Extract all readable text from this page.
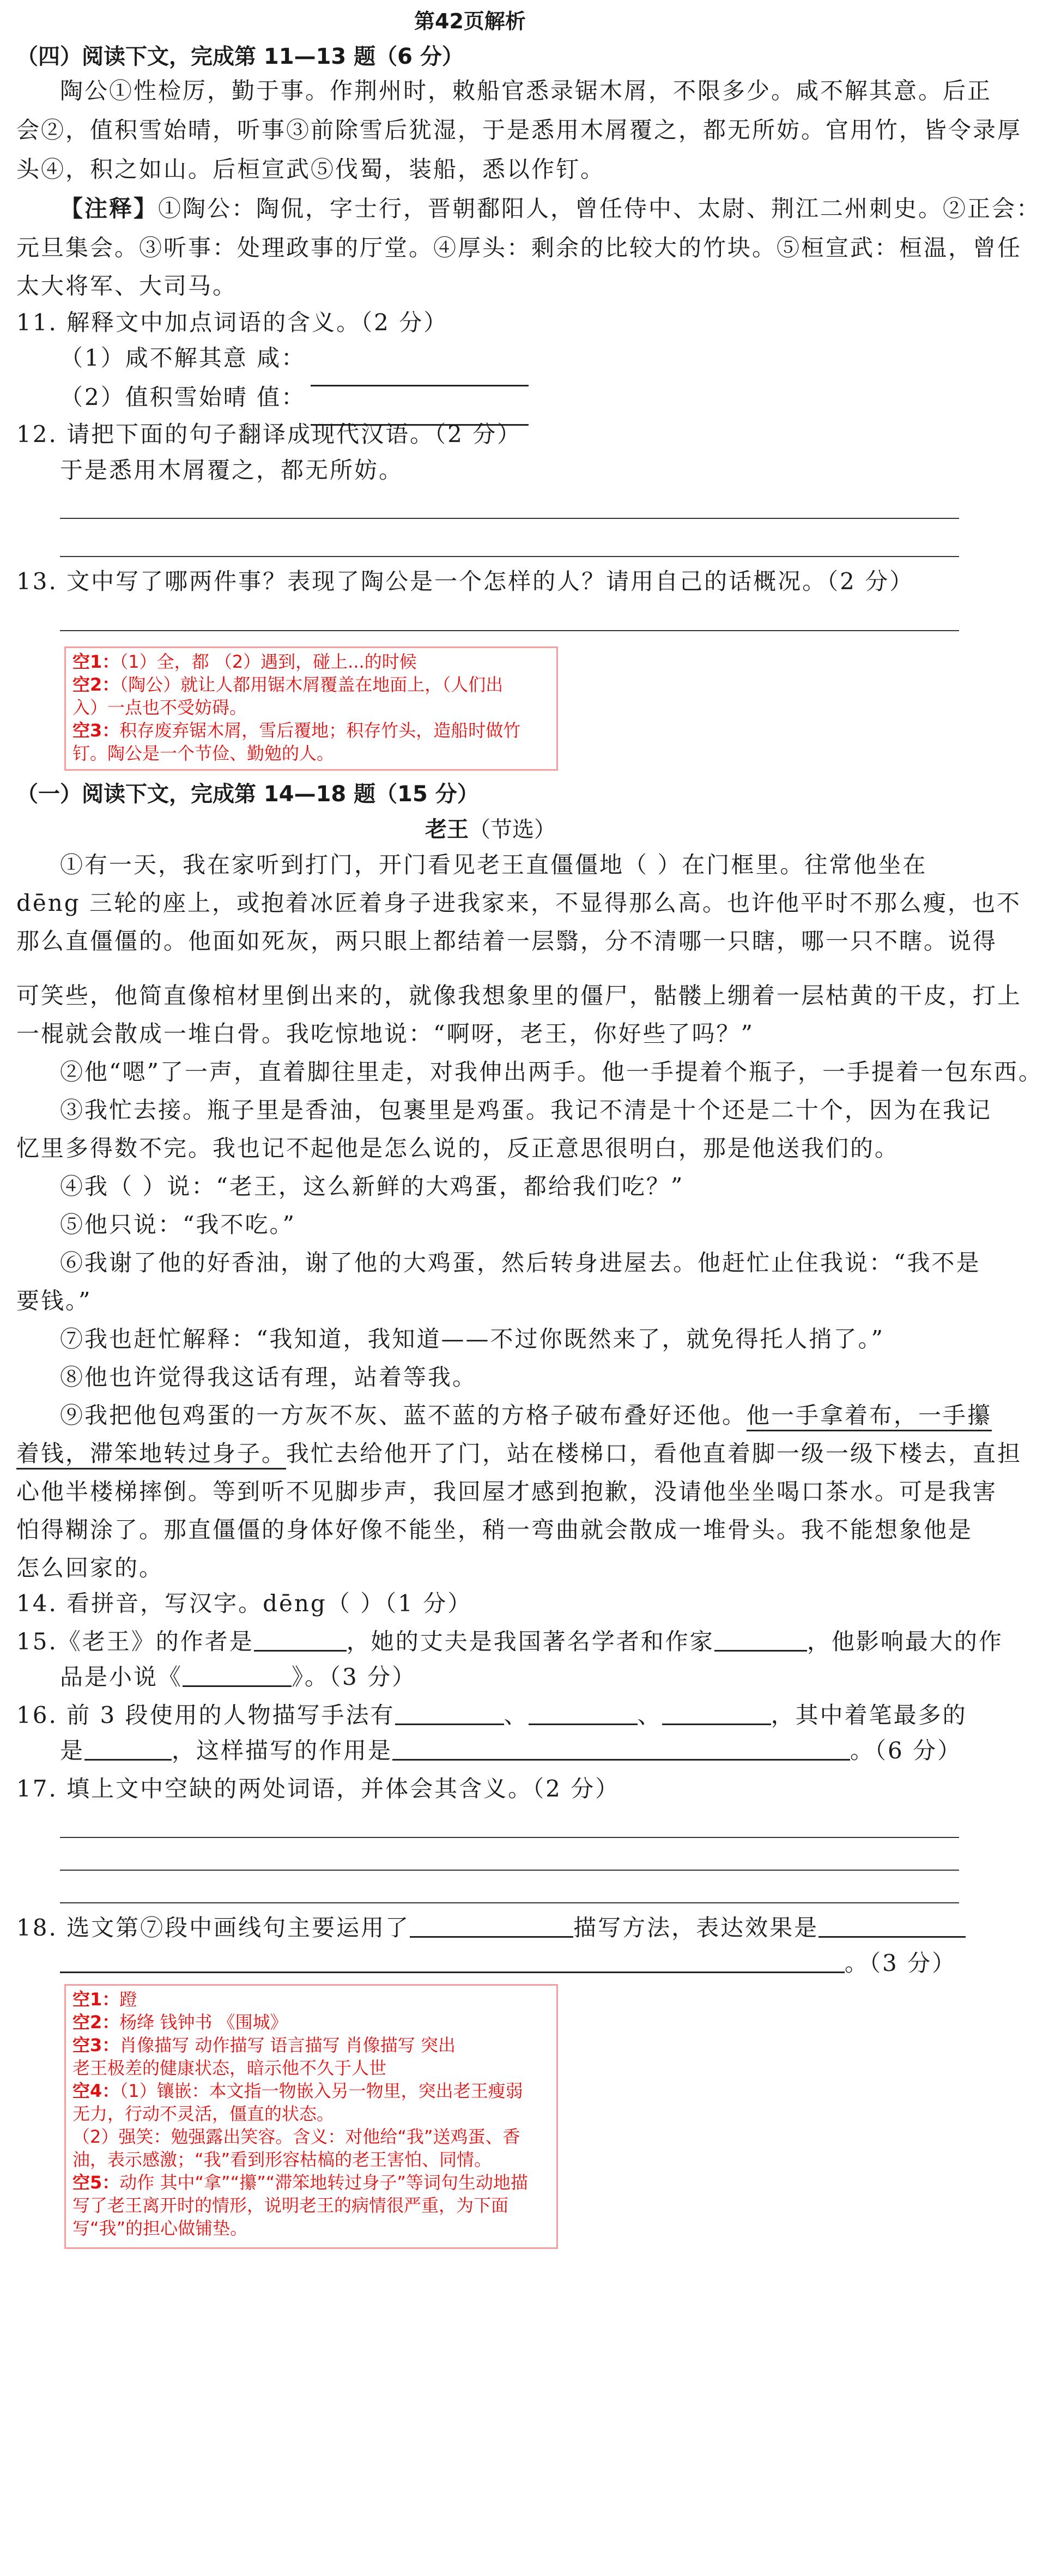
第42页解析
（四）阅读下文，完成第 11—13 题（6 分）
陶公①性检厉，勤于事。作荆州时，敕船官悉录锯木屑，不限多少。咸不解其意。后正
会②，值积雪始晴，听事③前除雪后犹湿，于是悉用木屑覆之，都无所妨。官用竹，皆令录厚
头④，积之如山。后桓宣武⑤伐蜀，装船，悉以作钉。
【注释】①陶公：陶侃，字士行，晋朝鄱阳人，曾任侍中、太尉、荆江二州刺史。②正会：
元旦集会。③听事：处理政事的厅堂。④厚头：剩余的比较大的竹块。⑤桓宣武：桓温，曾任
太大将军、大司马。
11. 解释文中加点词语的含义。（2 分）
（1）咸不解其意 咸：
（2）值积雪始晴 值：
12. 请把下面的句子翻译成现代汉语。（2 分）
于是悉用木屑覆之，都无所妨。
13. 文中写了哪两件事？表现了陶公是一个怎样的人？请用自己的话概况。（2 分）
空1：（1）全，都 （2）遇到，碰上...的时候
空2：（陶公）就让人都用锯木屑覆盖在地面上，（人们出
入）一点也不受妨碍。
空3：积存废弃锯木屑，雪后覆地；积存竹头，造船时做竹
钉。陶公是一个节俭、勤勉的人。
（一）阅读下文，完成第 14—18 题（15 分）
老王（节选）
①有一天，我在家听到打门，开门看见老王直僵僵地（ ）在门框里。往常他坐在
dēng 三轮的座上，或抱着冰匠着身子进我家来，不显得那么高。也许他平时不那么瘦，也不
那么直僵僵的。他面如死灰，两只眼上都结着一层翳，分不清哪一只瞎，哪一只不瞎。说得
可笑些，他简直像棺材里倒出来的，就像我想象里的僵尸，骷髅上绷着一层枯黄的干皮，打上
一棍就会散成一堆白骨。我吃惊地说：“啊呀，老王，你好些了吗？”
②他“嗯”了一声，直着脚往里走，对我伸出两手。他一手提着个瓶子，一手提着一包东西。
③我忙去接。瓶子里是香油，包裹里是鸡蛋。我记不清是十个还是二十个，因为在我记
忆里多得数不完。我也记不起他是怎么说的，反正意思很明白，那是他送我们的。
④我（ ）说：“老王，这么新鲜的大鸡蛋，都给我们吃？”
⑤他只说：“我不吃。”
⑥我谢了他的好香油，谢了他的大鸡蛋，然后转身进屋去。他赶忙止住我说：“我不是
要钱。”
⑦我也赶忙解释：“我知道，我知道——不过你既然来了，就免得托人捎了。”
⑧他也许觉得我这话有理，站着等我。
⑨我把他包鸡蛋的一方灰不灰、蓝不蓝的方格子破布叠好还他。他一手拿着布，一手攥
着钱，滞笨地转过身子。我忙去给他开了门，站在楼梯口，看他直着脚一级一级下楼去，直担
心他半楼梯摔倒。等到听不见脚步声，我回屋才感到抱歉，没请他坐坐喝口茶水。可是我害
怕得糊涂了。那直僵僵的身体好像不能坐，稍一弯曲就会散成一堆骨头。我不能想象他是
怎么回家的。
14. 看拼音，写汉字。dēng（ ）（1 分）
15.《老王》的作者是	，她的丈夫是我国著名学者和作家	，他影响最大的作
品是小说《	》。（3 分）
16. 前 3 段使用的人物描写手法有	、	、	，其中着笔最多的
是	，这样描写的作用是	。（6 分）
17. 填上文中空缺的两处词语，并体会其含义。（2 分）
18. 选文第⑦段中画线句主要运用了	描写方法，表达效果是
。（3 分）
空1：蹬
空2：杨绛 钱钟书 《围城》
空3：肖像描写 动作描写 语言描写 肖像描写 突出
老王极差的健康状态，暗示他不久于人世
空4：（1）镶嵌：本文指一物嵌入另一物里，突出老王瘦弱
无力，行动不灵活，僵直的状态。
（2）强笑：勉强露出笑容。含义：对他给“我”送鸡蛋、香
油，表示感激；“我”看到形容枯槁的老王害怕、同情。
空5：动作 其中“拿”“攥”“滞笨地转过身子”等词句生动地描
写了老王离开时的情形，说明老王的病情很严重，为下面
写“我”的担心做铺垫。
